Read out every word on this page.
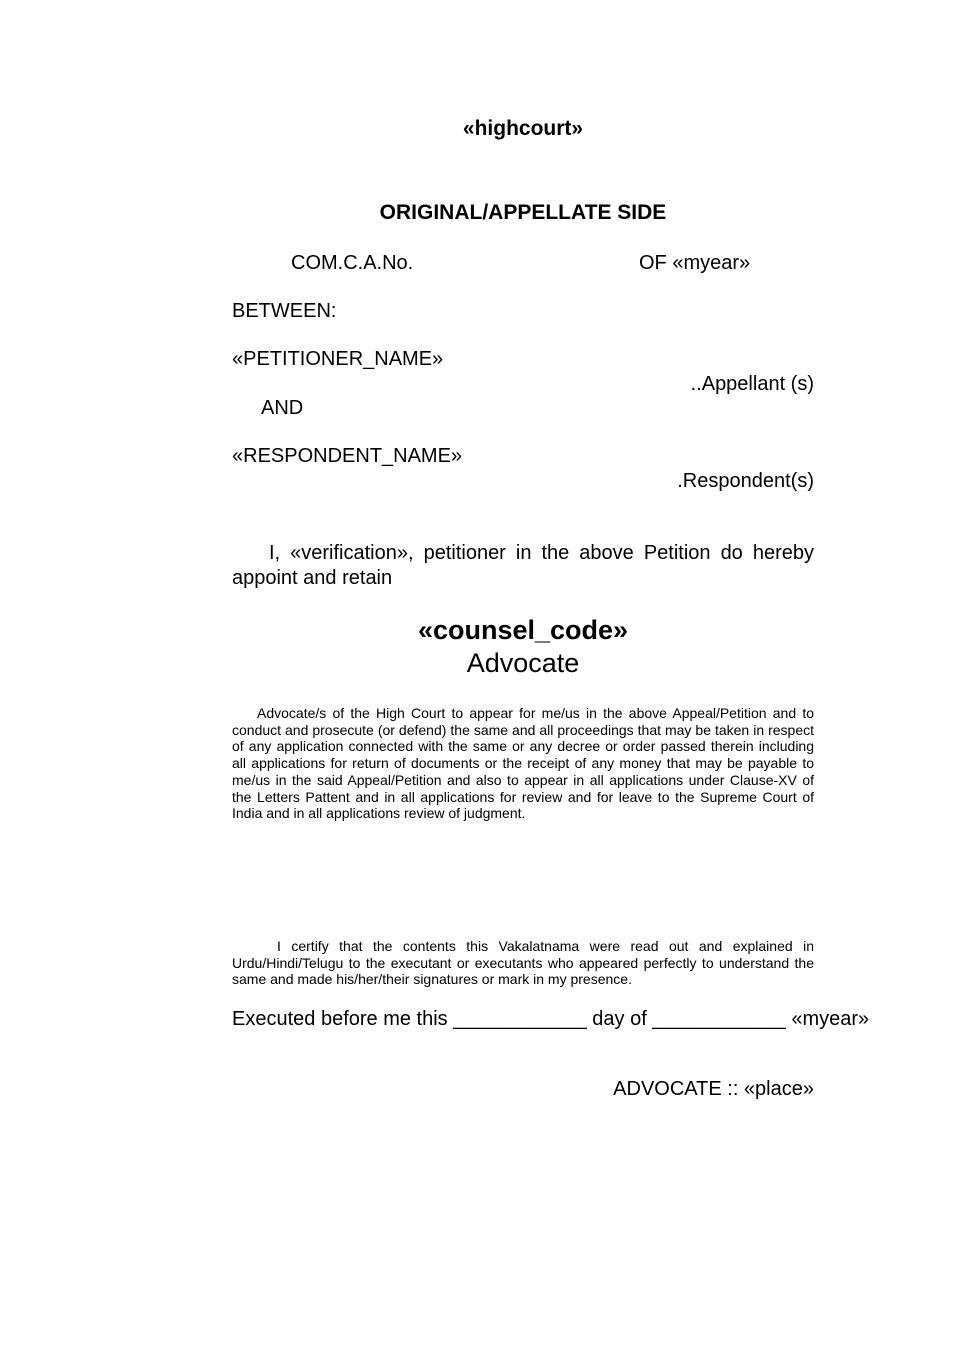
«highcourt»
ORIGINAL/APPELLATE SIDE
COM.C.A.No.	OF «myear»
BETWEEN:
«PETITIONER_NAME»
..Appellant (s)
AND
«RESPONDENT_NAME»
.Respondent(s)
I, «verification», petitioner in the above Petition do hereby appoint and retain
«counsel_code»
Advocate
Advocate/s of the High Court to appear for me/us in the above Appeal/Petition and to conduct and prosecute (or defend) the same and all proceedings that may be taken in respect of any application connected with the same or any decree or order passed therein including all applications for return of documents or the receipt of any money that may be payable to me/us in the said Appeal/Petition and also to appear in all applications under Clause-XV of the Letters Pattent and in all applications for review and for leave to the Supreme Court of India and in all applications review of judgment.
I certify that the contents this Vakalatnama were read out and explained in Urdu/Hindi/Telugu to the executant or executants who appeared perfectly to understand the same and made his/her/their signatures or mark in my presence.
Executed before me this ____________ day of ____________ «myear»
ADVOCATE :: «place»
